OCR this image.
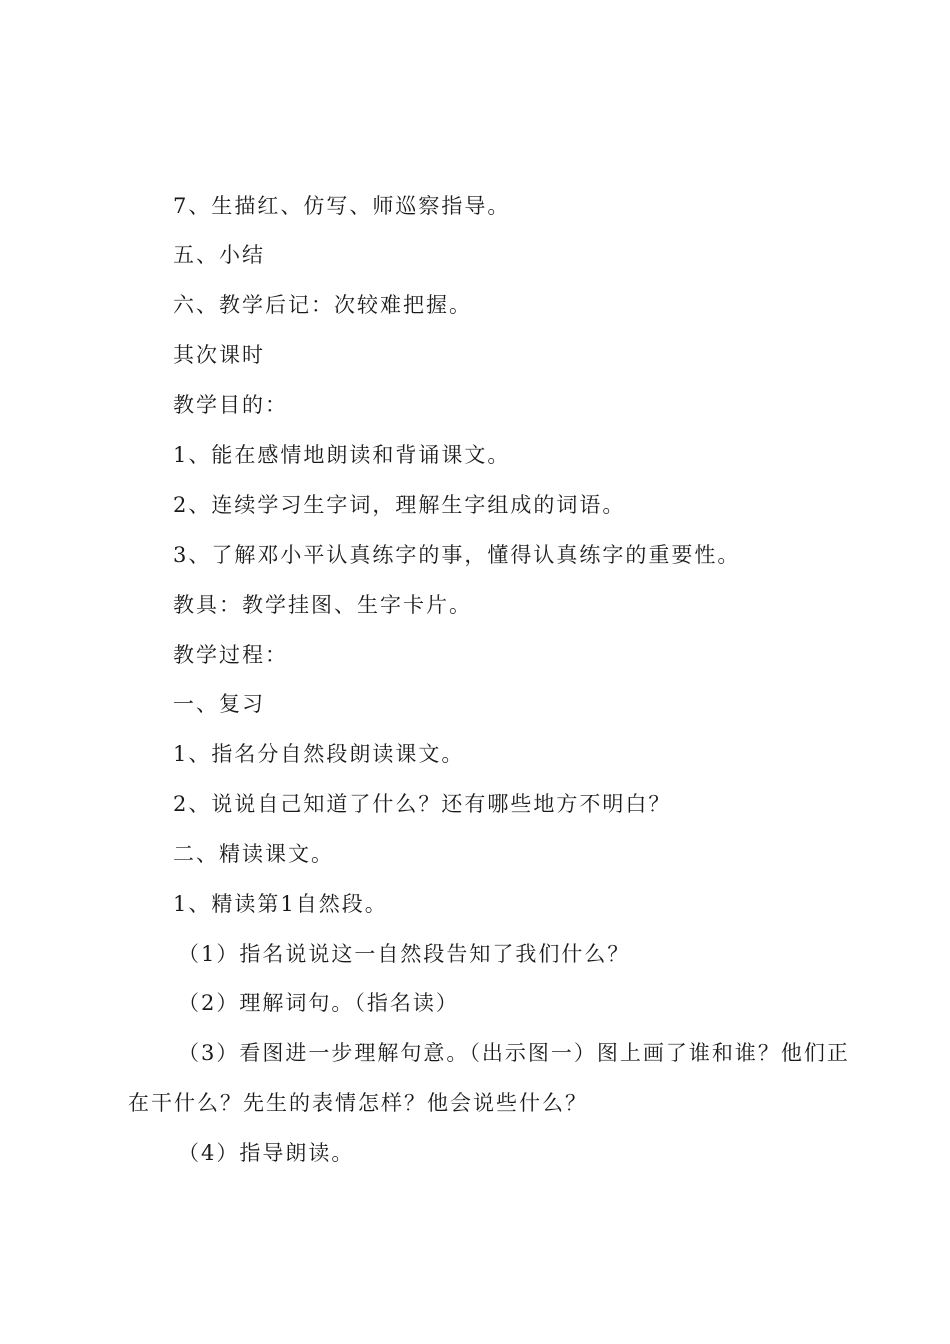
7、生描红、仿写、师巡察指导。
五、小结
六、教学后记：次较难把握。
其次课时
教学目的：
1、能在感情地朗读和背诵课文。
2、连续学习生字词，理解生字组成的词语。
3、了解邓小平认真练字的事，懂得认真练字的重要性。
教具：教学挂图、生字卡片。
教学过程：
一、复习
1、指名分自然段朗读课文。
2、说说自己知道了什么？还有哪些地方不明白？
二、精读课文。
1、精读第1自然段。
（1）指名说说这一自然段告知了我们什么？
（2）理解词句。（指名读）
（3）看图进一步理解句意。（出示图一）图上画了谁和谁？他们正
在干什么？先生的表情怎样？他会说些什么？
（4）指导朗读。
